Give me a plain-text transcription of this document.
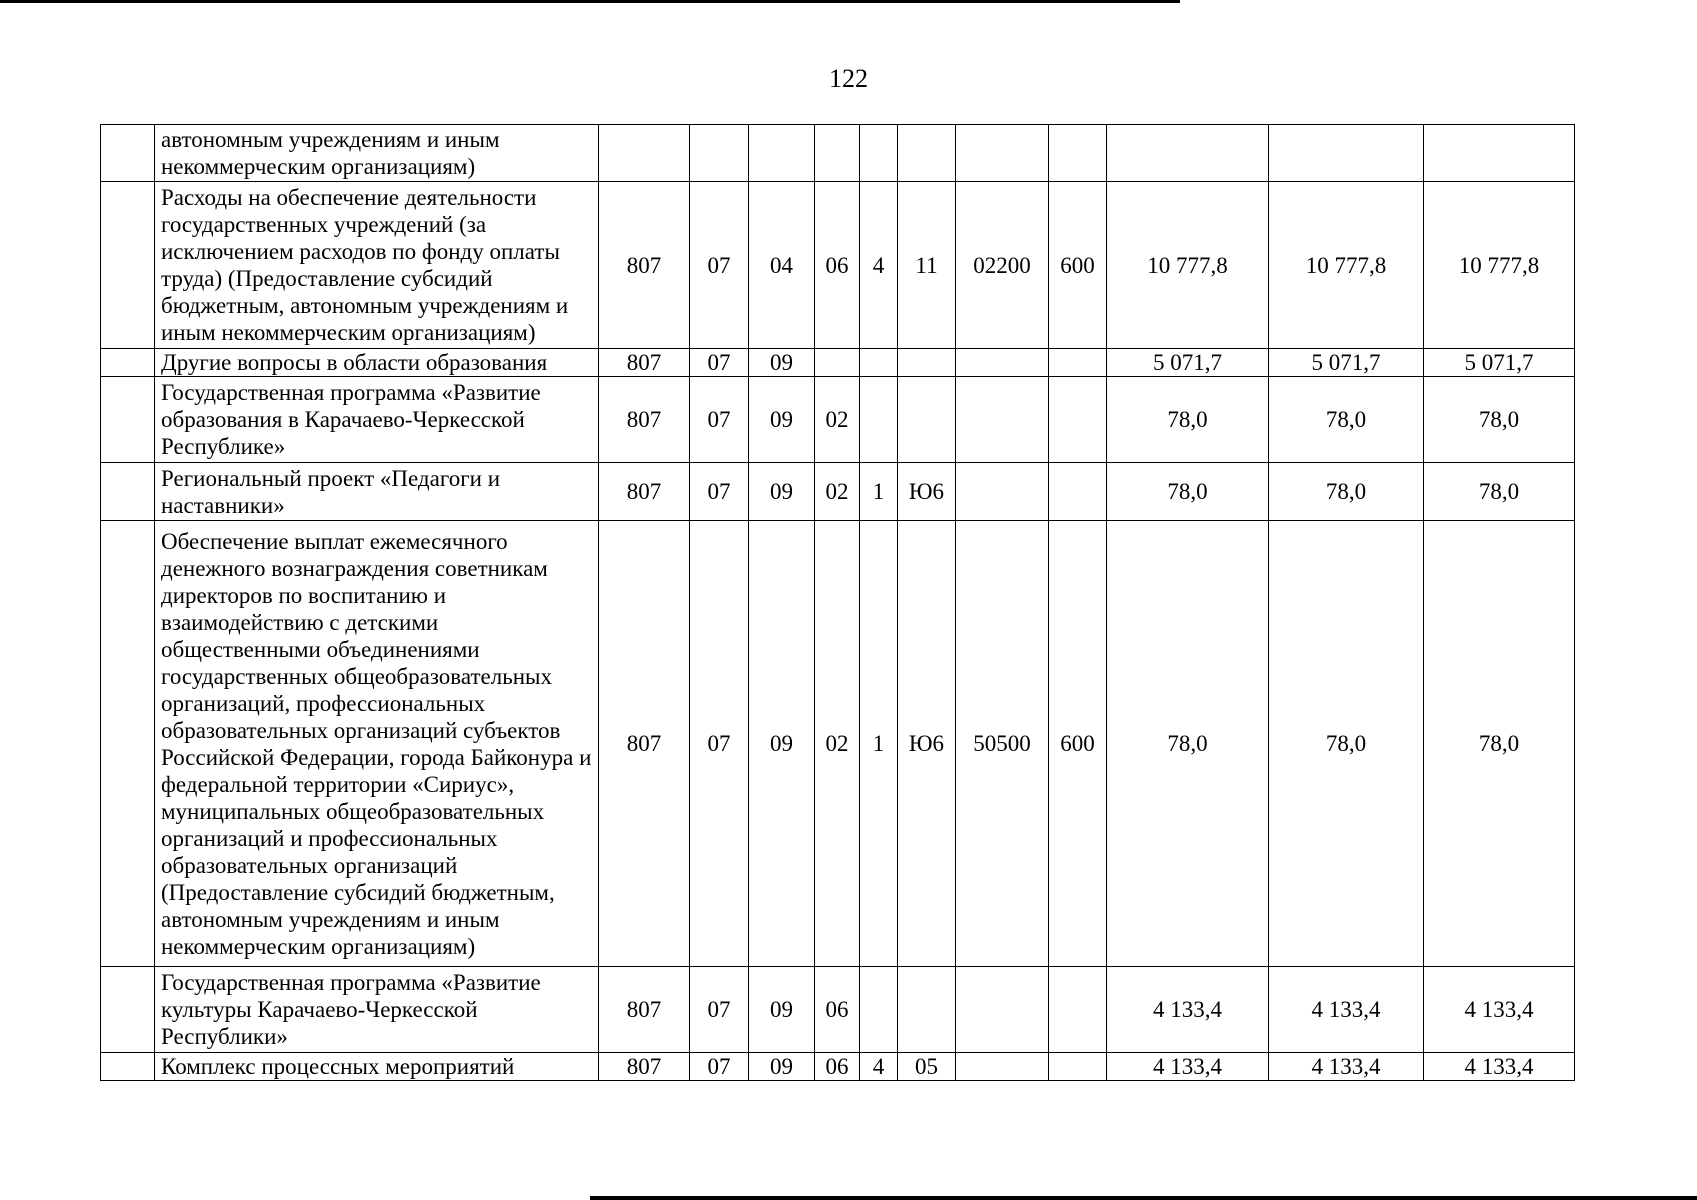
122
	автономным учреждениям и иным некоммерческим организациям)											
	Расходы на обеспечение деятельности государственных учреждений (за исключением расходов по фонду оплаты труда) (Предоставление субсидий бюджетным, автономным учреждениям и иным некоммерческим организациям)	807	07	04	06	4	11	02200	600	10 777,8	10 777,8	10 777,8
	Другие вопросы в области образования	807	07	09						5 071,7	5 071,7	5 071,7
	Государственная программа «Развитие образования в Карачаево-Черкесской Республике»	807	07	09	02					78,0	78,0	78,0
	Региональный проект «Педагоги и наставники»	807	07	09	02	1	Ю6			78,0	78,0	78,0
	Обеспечение выплат ежемесячного денежного вознаграждения советникам директоров по воспитанию и взаимодействию с детскими общественными объединениями государственных общеобразовательных организаций, профессиональных образовательных организаций субъектов Российской Федерации, города Байконура и федеральной территории «Сириус», муниципальных общеобразовательных организаций и профессиональных образовательных организаций (Предоставление субсидий бюджетным, автономным учреждениям и иным некоммерческим организациям)	807	07	09	02	1	Ю6	50500	600	78,0	78,0	78,0
	Государственная программа «Развитие культуры Карачаево-Черкесской Республики»	807	07	09	06					4 133,4	4 133,4	4 133,4
	Комплекс процессных мероприятий	807	07	09	06	4	05			4 133,4	4 133,4	4 133,4
